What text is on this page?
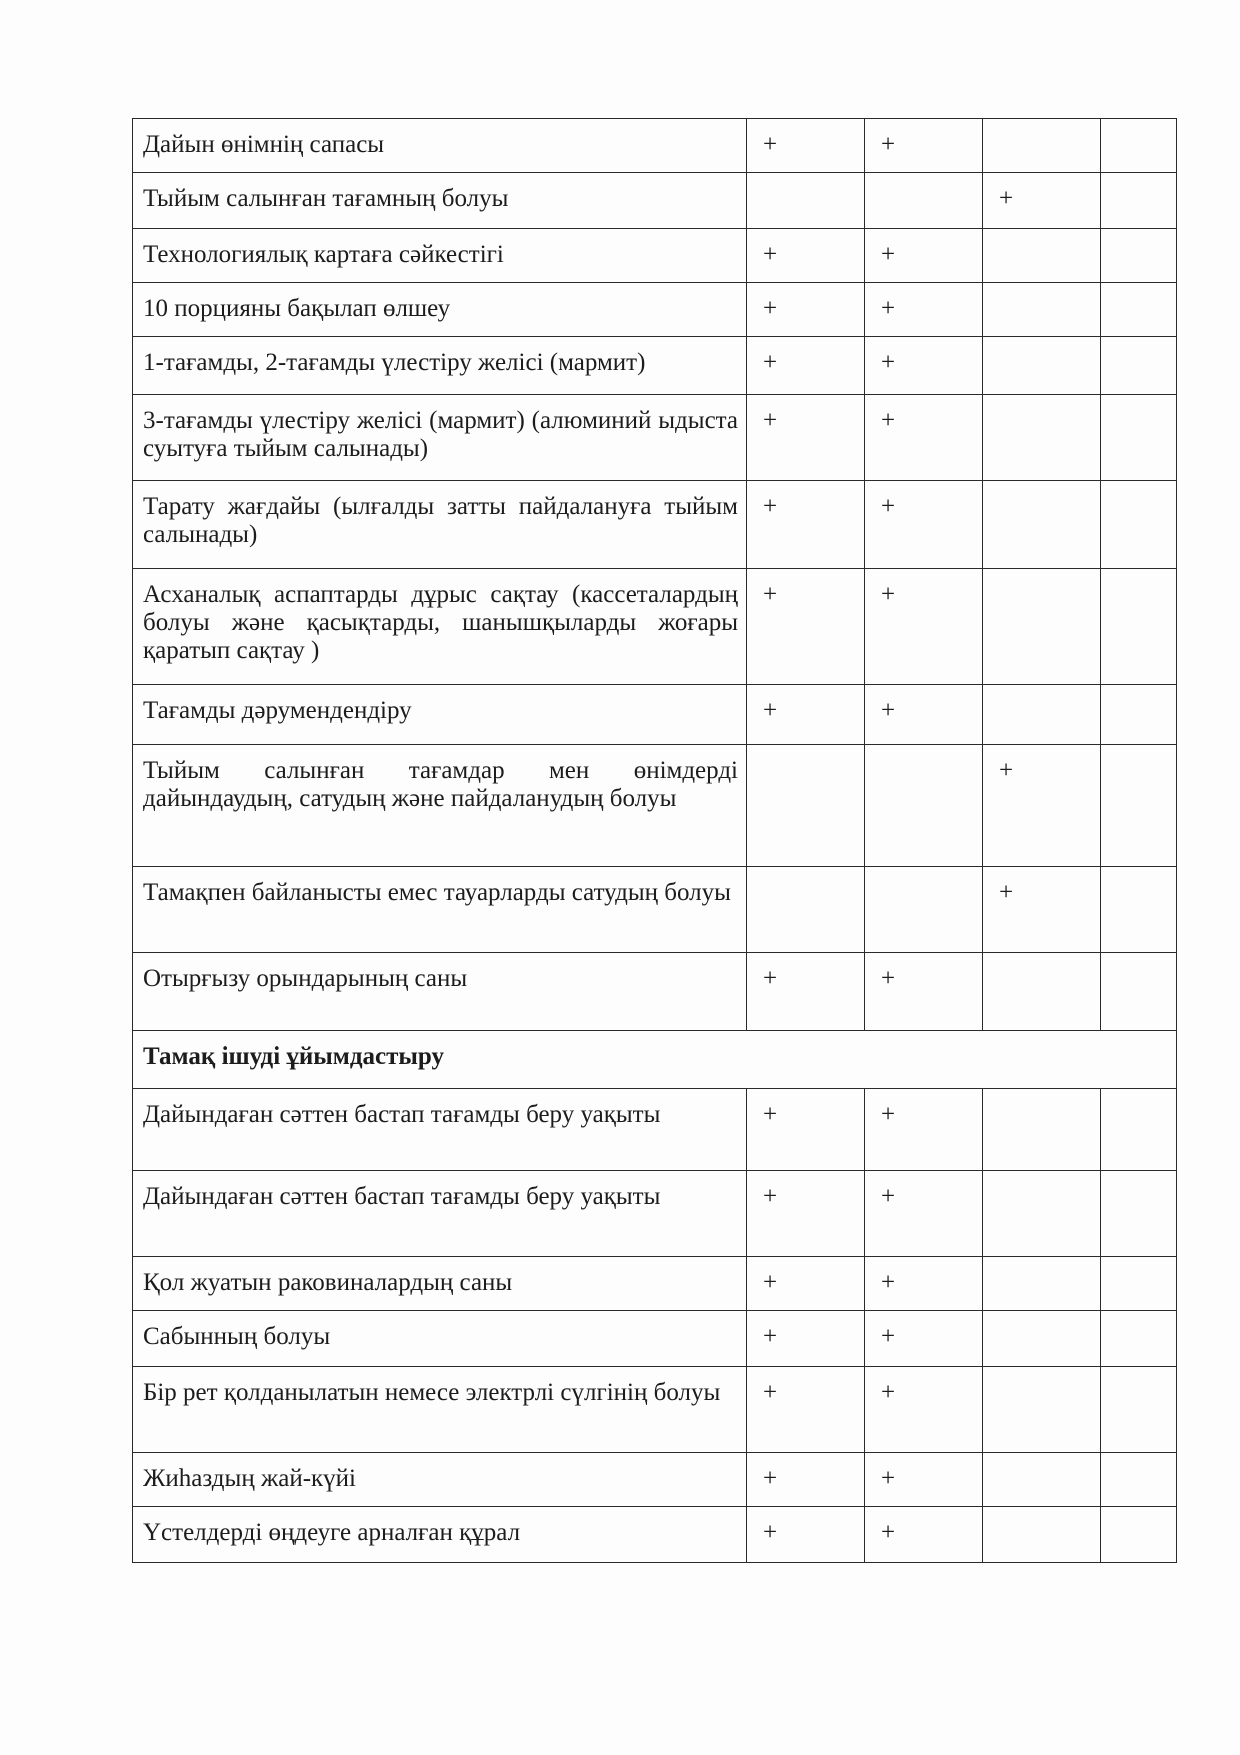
Дайын өнімнің сапасы	+	+		
Тыйым салынған тағамның болуы			+	
Технологиялық картаға сәйкестігі	+	+		
10 порцияны бақылап өлшеу	+	+		
1-тағамды, 2-тағамды үлестіру желісі (мармит)	+	+		
3-тағамды үлестіру желісі (мармит) (алюминий ыдыста суытуға тыйым салынады)	+	+		
Тарату жағдайы (ылғалды затты пайдалануға тыйым салынады)	+	+		
Асханалық аспаптарды дұрыс сақтау (кассеталардың болуы және қасықтарды, шанышқыларды жоғары қаратып сақтау )	+	+		
Тағамды дәрумендендіру	+	+		
Тыйым салынған тағамдар мен өнімдерді дайындаудың, сатудың және пайдаланудың болуы			+	
Тамақпен байланысты емес тауарларды сатудың болуы			+	
Отырғызу орындарының саны	+	+		
Тамақ ішуді ұйымдастыру				
Дайындаған сәттен бастап тағамды беру уақыты	+	+		
Дайындаған сәттен бастап тағамды беру уақыты	+	+		
Қол жуатын раковиналардың саны	+	+		
Сабынның болуы	+	+		
Бір рет қолданылатын немесе электрлі сүлгінің болуы	+	+		
Жиһаздың жай-күйі	+	+		
Үстелдерді өңдеуге арналған құрал	+	+		
